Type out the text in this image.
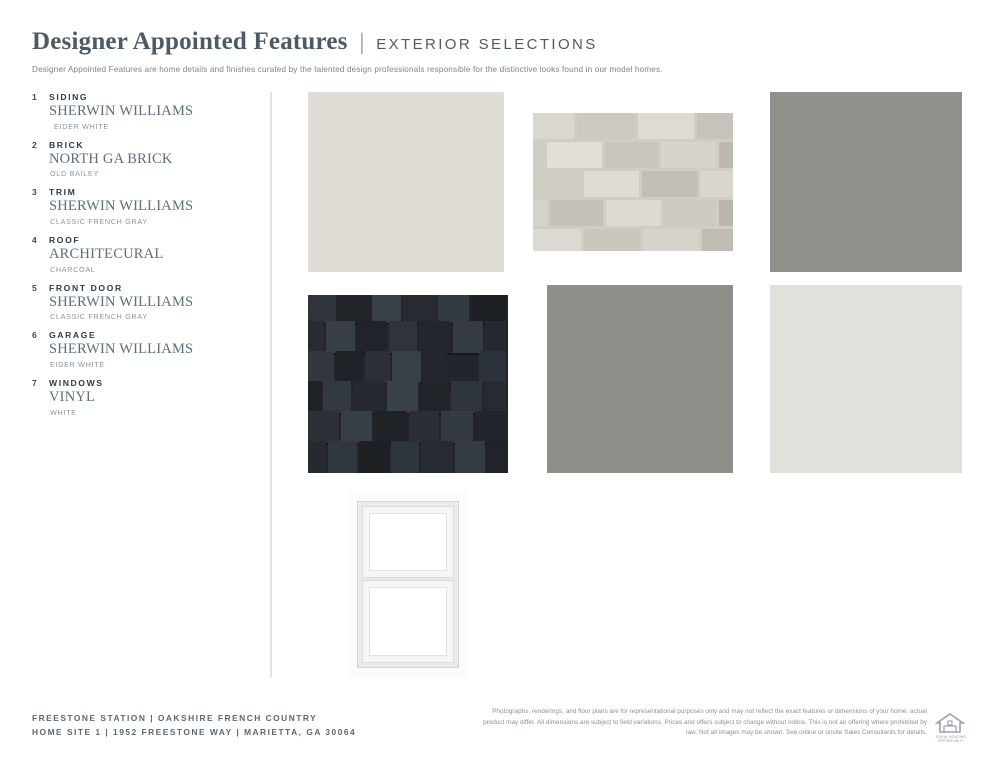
Designer Appointed Features | EXTERIOR SELECTIONS
Designer Appointed Features are home details and finishes curated by the talented design professionals responsible for the distinctive looks found in our model homes.
1	SIDING
SHERWIN WILLIAMS
EIDER WHITE
2	BRICK
NORTH GA BRICK
OLD BAILEY
3	TRIM
SHERWIN WILLIAMS
CLASSIC FRENCH GRAY
4	ROOF
ARCHITECURAL
CHARCOAL
5	FRONT DOOR
SHERWIN WILLIAMS
CLASSIC FRENCH GRAY
6	GARAGE
SHERWIN WILLIAMS
EIDER WHITE
7	WINDOWS
VINYL
WHITE
FREESTONE STATION | OAKSHIRE FRENCH COUNTRY
HOME SITE 1 | 1952 FREESTONE WAY | MARIETTA, GA 30064
Photographs, renderings, and floor plans are for representational purposes only and may not reflect the exact features or dimensions of your home; actual product may differ. All dimensions are subject to field variations. Prices and offers subject to change without notice. This is not an offering where prohibited by law. Not all images may be shown. See online or onsite Sales Consultants for details.
EQUAL HOUSING OPPORTUNITY
